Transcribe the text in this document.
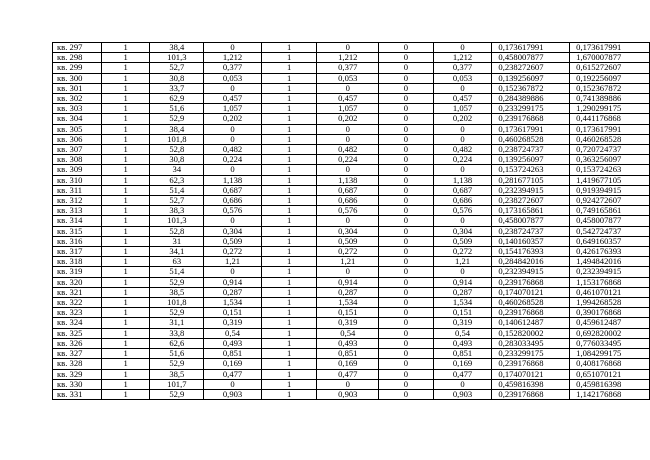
кв. 297	1	38,4	0	1	0	0	0	0,173617991	0,173617991
кв. 298	1	101,3	1,212	1	1,212	0	1,212	0,458007877	1,670007877
кв. 299	1	52,7	0,377	1	0,377	0	0,377	0,238272607	0,615272607
кв. 300	1	30,8	0,053	1	0,053	0	0,053	0,139256097	0,192256097
кв. 301	1	33,7	0	1	0	0	0	0,152367872	0,152367872
кв. 302	1	62,9	0,457	1	0,457	0	0,457	0,284389886	0,741389886
кв. 303	1	51,6	1,057	1	1,057	0	1,057	0,233299175	1,290299175
кв. 304	1	52,9	0,202	1	0,202	0	0,202	0,239176868	0,441176868
кв. 305	1	38,4	0	1	0	0	0	0,173617991	0,173617991
кв. 306	1	101,8	0	1	0	0	0	0,460268528	0,460268528
кв. 307	1	52,8	0,482	1	0,482	0	0,482	0,238724737	0,720724737
кв. 308	1	30,8	0,224	1	0,224	0	0,224	0,139256097	0,363256097
кв. 309	1	34	0	1	0	0	0	0,153724263	0,153724263
кв. 310	1	62,3	1,138	1	1,138	0	1,138	0,281677105	1,419677105
кв. 311	1	51,4	0,687	1	0,687	0	0,687	0,232394915	0,919394915
кв. 312	1	52,7	0,686	1	0,686	0	0,686	0,238272607	0,924272607
кв. 313	1	38,3	0,576	1	0,576	0	0,576	0,173165861	0,749165861
кв. 314	1	101,3	0	1	0	0	0	0,458007877	0,458007877
кв. 315	1	52,8	0,304	1	0,304	0	0,304	0,238724737	0,542724737
кв. 316	1	31	0,509	1	0,509	0	0,509	0,140160357	0,649160357
кв. 317	1	34,1	0,272	1	0,272	0	0,272	0,154176393	0,426176393
кв. 318	1	63	1,21	1	1,21	0	1,21	0,284842016	1,494842016
кв. 319	1	51,4	0	1	0	0	0	0,232394915	0,232394915
кв. 320	1	52,9	0,914	1	0,914	0	0,914	0,239176868	1,153176868
кв. 321	1	38,5	0,287	1	0,287	0	0,287	0,174070121	0,461070121
кв. 322	1	101,8	1,534	1	1,534	0	1,534	0,460268528	1,994268528
кв. 323	1	52,9	0,151	1	0,151	0	0,151	0,239176868	0,390176868
кв. 324	1	31,1	0,319	1	0,319	0	0,319	0,140612487	0,459612487
кв. 325	1	33,8	0,54	1	0,54	0	0,54	0,152820002	0,692820002
кв. 326	1	62,6	0,493	1	0,493	0	0,493	0,283033495	0,776033495
кв. 327	1	51,6	0,851	1	0,851	0	0,851	0,233299175	1,084299175
кв. 328	1	52,9	0,169	1	0,169	0	0,169	0,239176868	0,408176868
кв. 329	1	38,5	0,477	1	0,477	0	0,477	0,174070121	0,651070121
кв. 330	1	101,7	0	1	0	0	0	0,459816398	0,459816398
кв. 331	1	52,9	0,903	1	0,903	0	0,903	0,239176868	1,142176868
